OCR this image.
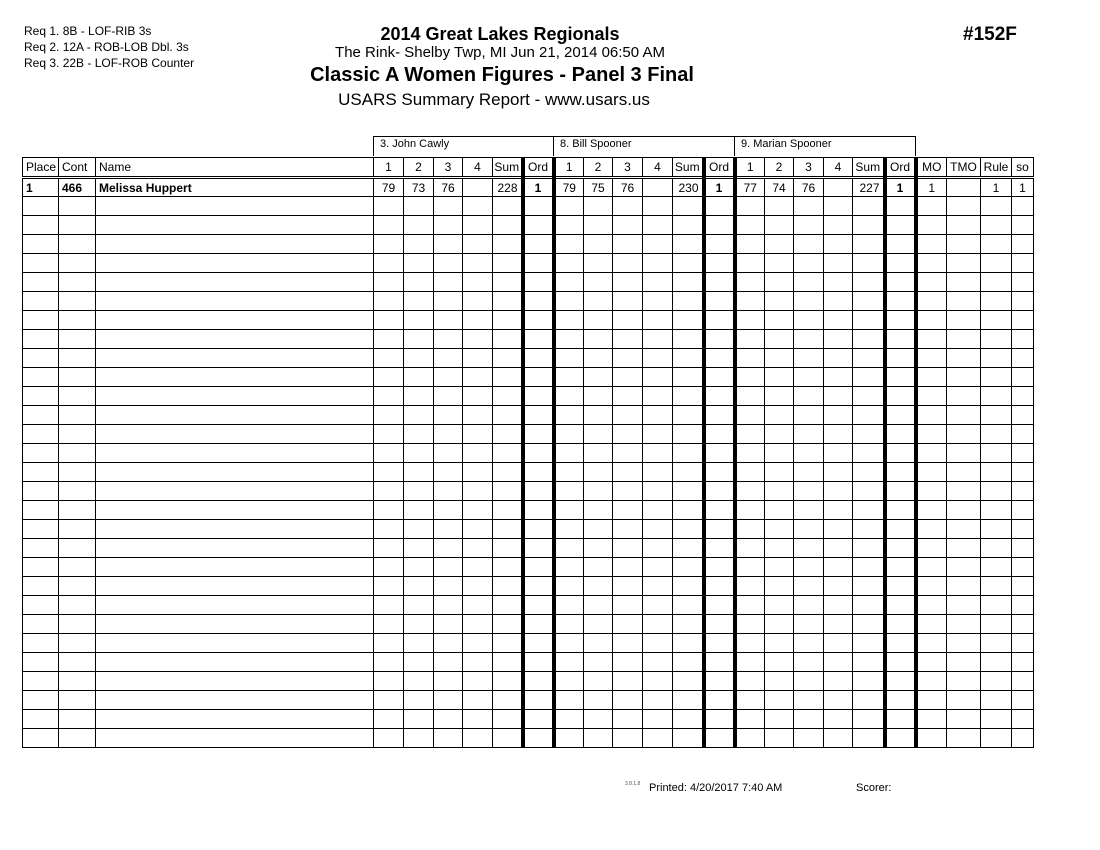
Req 1. 8B - LOF-RIB 3s
Req 2. 12A - ROB-LOB Dbl. 3s
Req 3. 22B - LOF-ROB Counter
2014 Great Lakes Regionals
The Rink- Shelby Twp, MI Jun 21, 2014 06:50 AM
Classic A Women Figures - Panel 3 Final
USARS Summary Report - www.usars.us
#152F
3. John Cawly	8. Bill Spooner	9. Marian Spooner
Place	Cont	Name	1	2	3	4	Sum	Ord	1	2	3	4	Sum	Ord	1	2	3	4	Sum	Ord	MO	TMO	Rule	so
1	466	Melissa Huppert	79	73	76		228	1	79	75	76		230	1	77	74	76		227	1	1		1	1

3.8.1.8 Printed: 4/20/2017 7:40 AM	Scorer:
